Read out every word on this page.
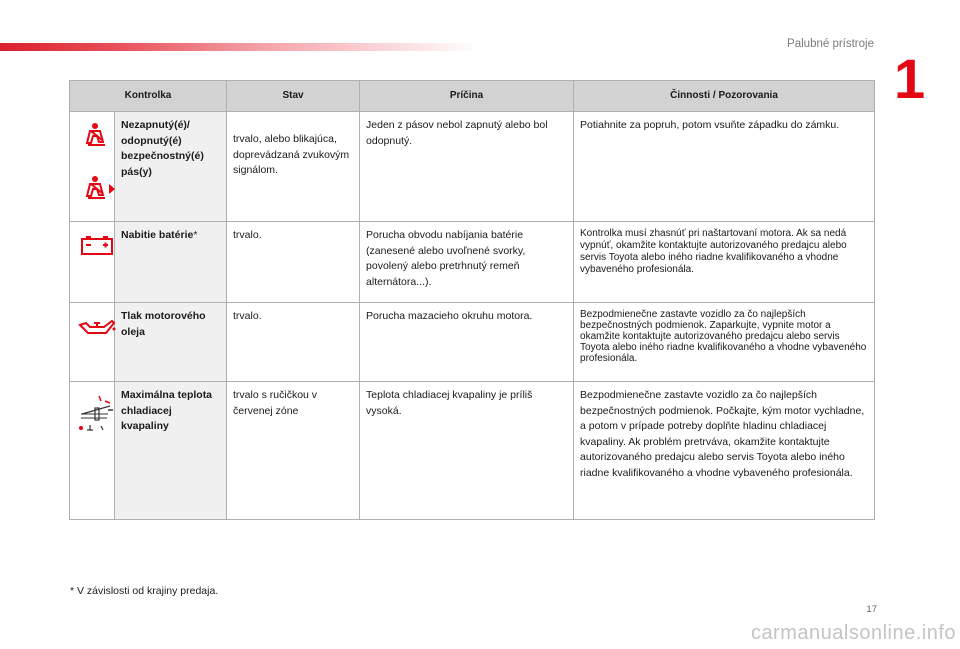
Palubné prístroje
1
Kontrolka		Stav	Príčina	Činnosti / Pozorovania

	Nezapnutý(é)/ odopnutý(é) bezpečnostný(é) pás(y)	trvalo, alebo blikajúca, doprevádzaná zvukovým signálom.	Jeden z pásov nebol zapnutý alebo bol odopnutý.	Potiahnite za popruh, potom vsuňte západku do zámku.

	Nabitie batérie*	trvalo.	Porucha obvodu nabíjania batérie (zanesené alebo uvoľnené svorky, povolený alebo pretrhnutý remeň alternátora...).	Kontrolka musí zhasnúť pri naštartovaní motora. Ak sa nedá vypnúť, okamžite kontaktujte autorizovaného predajcu alebo servis Toyota alebo iného riadne kvalifikovaného a vhodne vybaveného profesionála.

	Tlak motorového oleja	trvalo.	Porucha mazacieho okruhu motora.	Bezpodmienečne zastavte vozidlo za čo najlepších bezpečnostných podmienok. Zaparkujte, vypnite motor a okamžite kontaktujte autorizovaného predajcu alebo servis Toyota alebo iného riadne kvalifikovaného a vhodne vybaveného profesionála.

	Maximálna teplota chladiacej kvapaliny	trvalo s ručičkou v červenej zóne	Teplota chladiacej kvapaliny je príliš vysoká.	Bezpodmienečne zastavte vozidlo za čo najlepších bezpečnostných podmienok. Počkajte, kým motor vychladne, a potom v prípade potreby doplňte hladinu chladiacej kvapaliny. Ak problém pretrváva, okamžite kontaktujte autorizovaného predajcu alebo servis Toyota alebo iného riadne kvalifikovaného a vhodne vybaveného profesionála.
* V závislosti od krajiny predaja.
17
carmanualsonline.info
